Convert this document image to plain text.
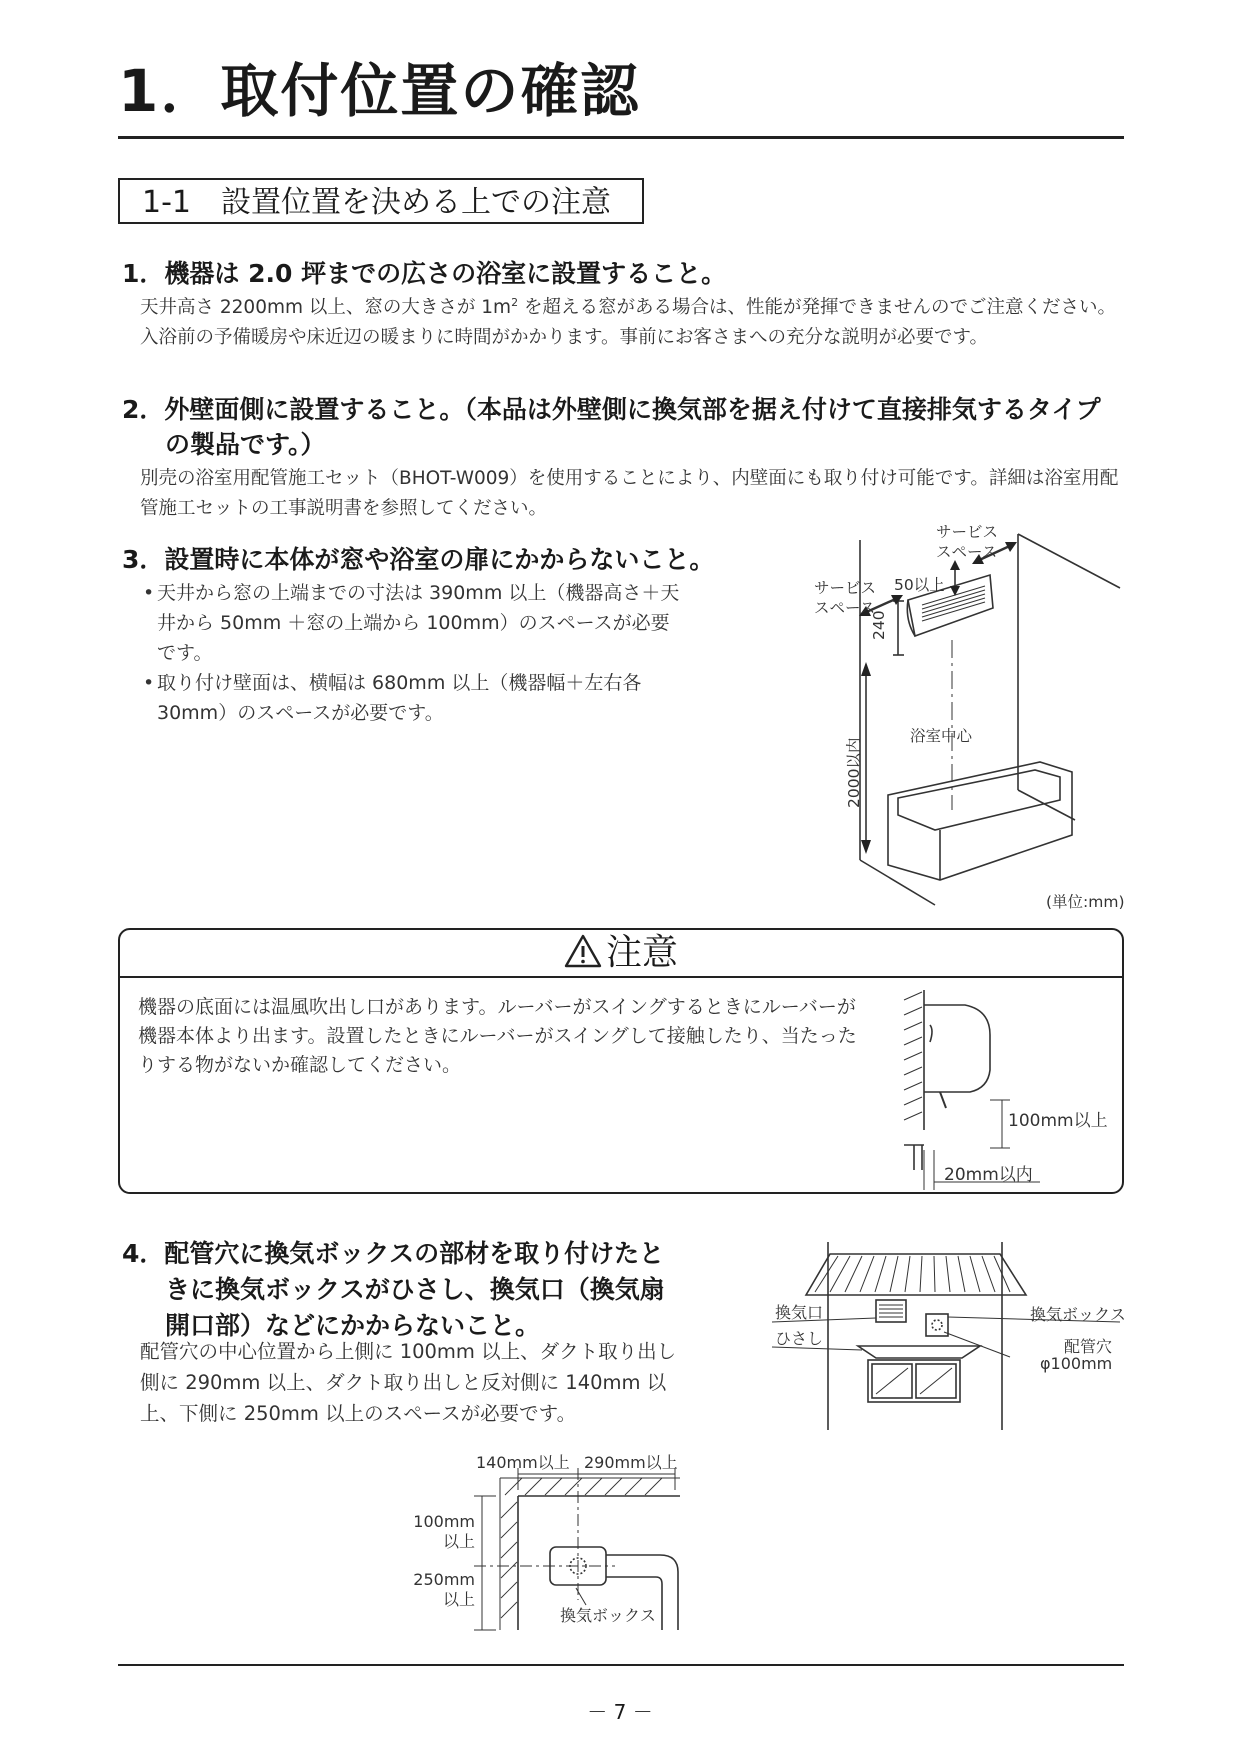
1．取付位置の確認
1-1　設置位置を決める上での注意
1．機器は 2.0 坪までの広さの浴室に設置すること。
天井高さ 2200mm 以上、窓の大きさが $1m^2$ を超える窓がある場合は、性能が発揮できませんのでご注意ください。入浴前の予備暖房や床近辺の暖まりに時間がかかります。事前にお客さまへの充分な説明が必要です。
2．外壁面側に設置すること。（本品は外壁側に換気部を据え付けて直接排気するタイプ
の製品です。）
別売の浴室用配管施工セット（BHOT-W009）を使用することにより、内壁面にも取り付け可能です。詳細は浴室用配管施工セットの工事説明書を参照してください。
3．設置時に本体が窓や浴室の扉にかからないこと。
• 天井から窓の上端までの寸法は 390mm 以上（機器高さ＋天井から 50mm ＋窓の上端から 100mm）のスペースが必要です。
• 取り付け壁面は、横幅は 680mm 以上（機器幅＋左右各 30mm）のスペースが必要です。
サービス
スペース
サービス
スペース
50以上
240
2000以内
浴室中心
(単位:mm)
注意
機器の底面には温風吹出し口があります。ルーバーがスイングするときにルーバーが機器本体より出ます。設置したときにルーバーがスイングして接触したり、当たったりする物がないか確認してください。
100mm以上
20mm以内
4．配管穴に換気ボックスの部材を取り付けたと
きに換気ボックスがひさし、換気口（換気扇
開口部）などにかからないこと。
配管穴の中心位置から上側に 100mm 以上、ダクト取り出し側に 290mm 以上、ダクト取り出しと反対側に 140mm 以上、下側に 250mm 以上のスペースが必要です。
換気口
ひさし
換気ボックス
配管穴
φ100mm
140mm以上 290mm以上
100mm
以上
250mm
以上
換気ボックス
－ 7 －
